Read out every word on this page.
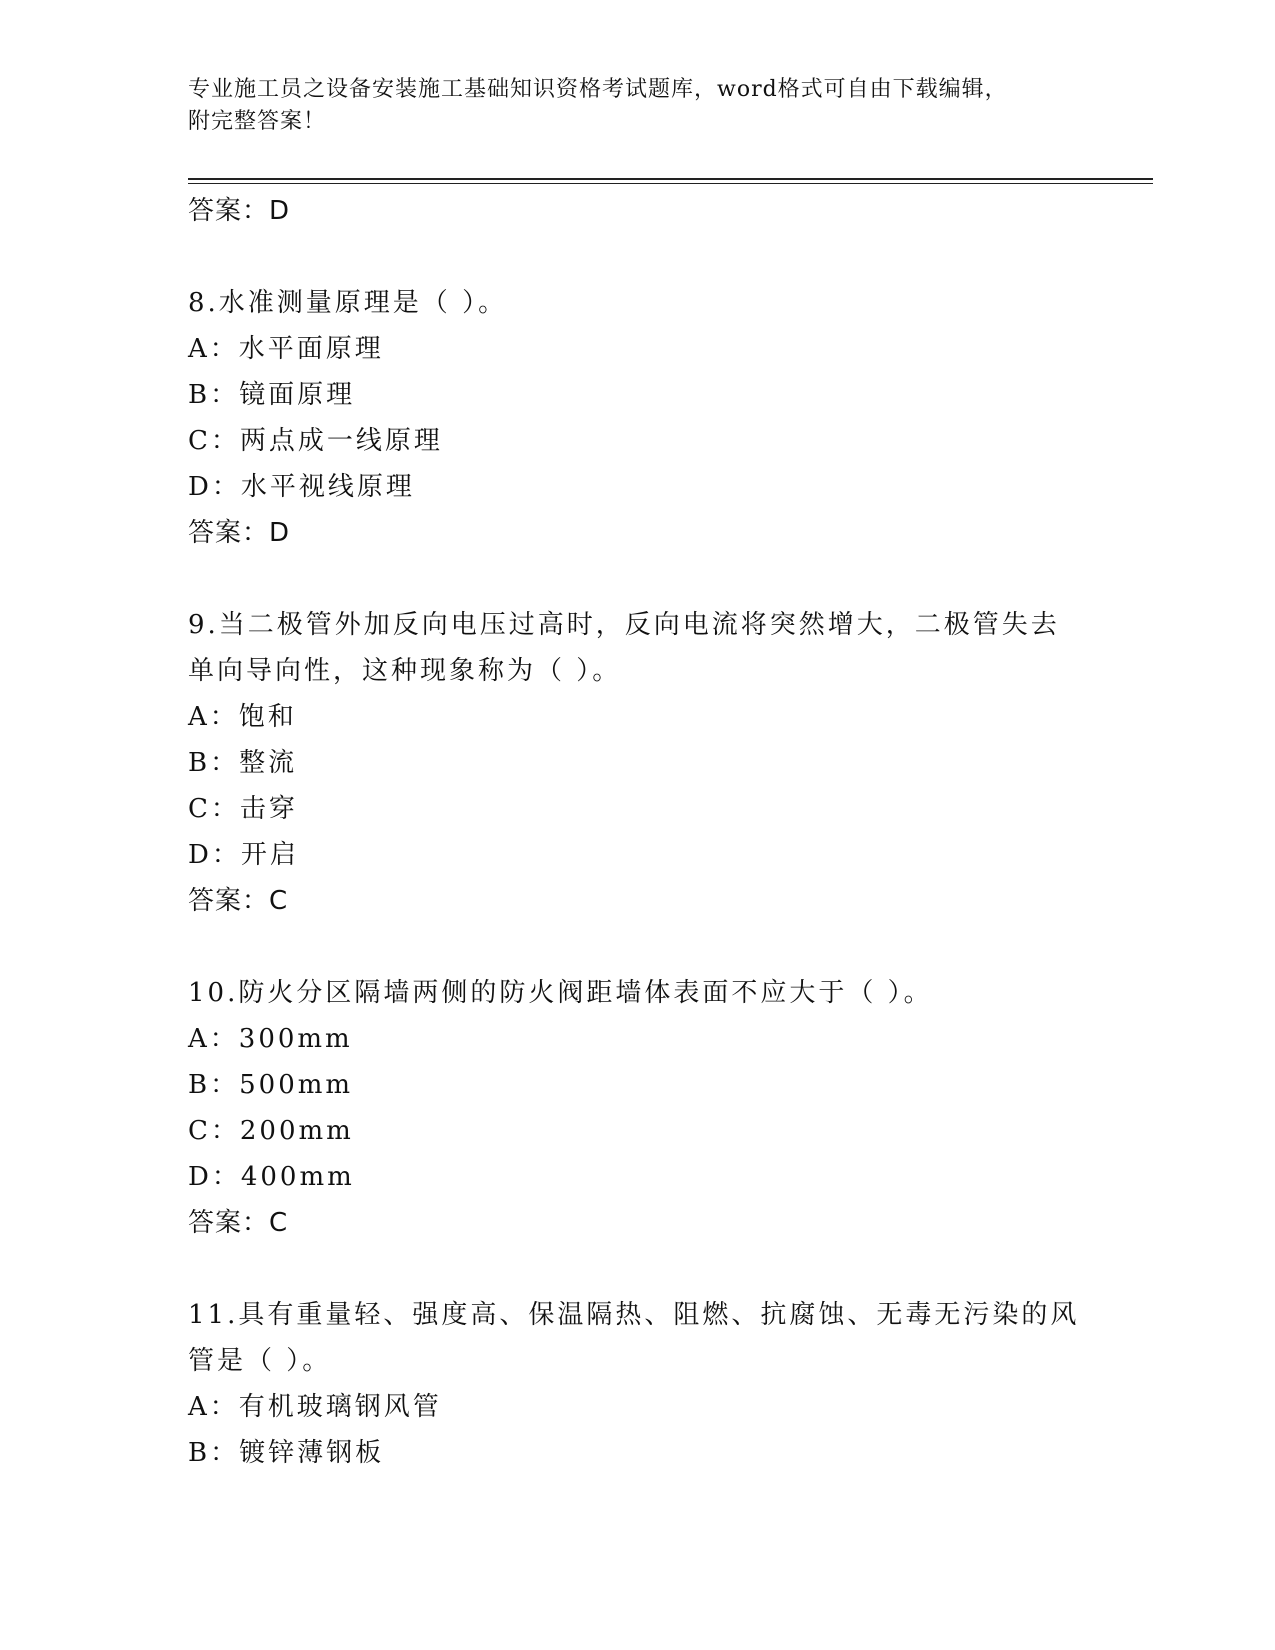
专业施工员之设备安装施工基础知识资格考试题库，word格式可自由下载编辑，
附完整答案！
答案：D
8.水准测量原理是（ ）。
A：水平面原理
B：镜面原理
C：两点成一线原理
D：水平视线原理
答案：D
9.当二极管外加反向电压过高时，反向电流将突然增大，二极管失去
单向导向性，这种现象称为（ ）。
A：饱和
B：整流
C：击穿
D：开启
答案：C
10.防火分区隔墙两侧的防火阀距墙体表面不应大于（ ）。
A：300mm
B：500mm
C：200mm
D：400mm
答案：C
11.具有重量轻、强度高、保温隔热、阻燃、抗腐蚀、无毒无污染的风
管是（ ）。
A：有机玻璃钢风管
B：镀锌薄钢板
